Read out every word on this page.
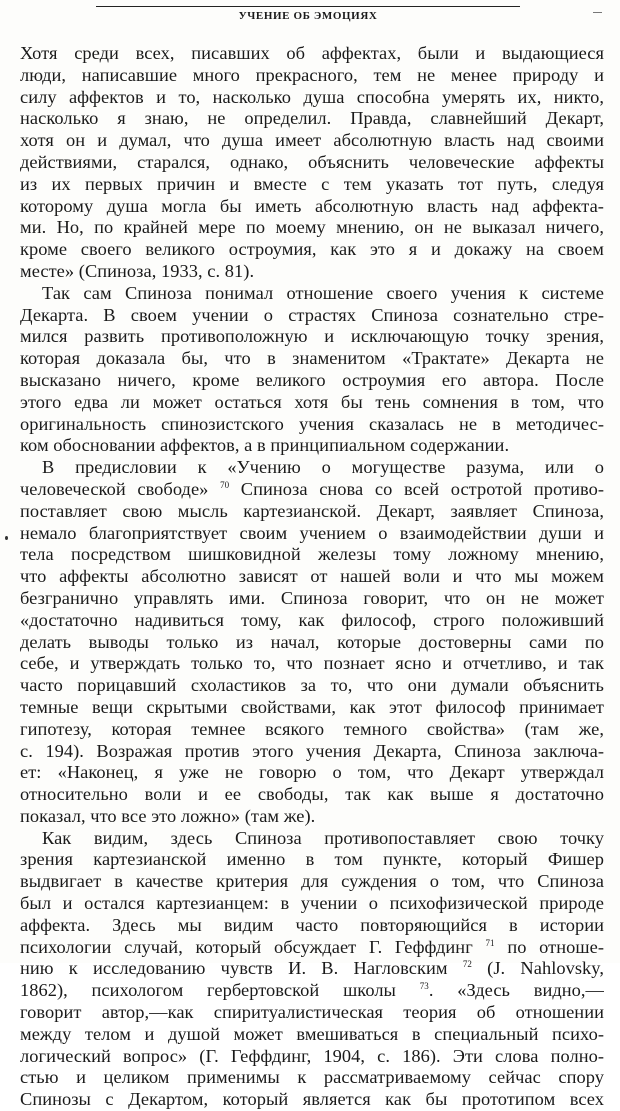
УЧЕНИЕ ОБ ЭМОЦИЯХ
Хотя среди всех, писавших об аффектах, были и выдающиеся
люди, написавшие много прекрасного, тем не менее природу и
силу аффектов и то, насколько душа способна умерять их, никто,
насколько я знаю, не определил. Правда, славнейший Декарт,
хотя он и думал, что душа имеет абсолютную власть над своими
действиями, старался, однако, объяснить человеческие аффекты
из их первых причин и вместе с тем указать тот путь, следуя
которому душа могла бы иметь абсолютную власть над аффекта-
ми. Но, по крайней мере по моему мнению, он не выказал ничего,
кроме своего великого остроумия, как это я и докажу на своем
месте» (Спиноза, 1933, с. 81).
Так сам Спиноза понимал отношение своего учения к системе
Декарта. В своем учении о страстях Спиноза сознательно стре-
мился развить противоположную и исключающую точку зрения,
которая доказала бы, что в знаменитом «Трактате» Декарта не
высказано ничего, кроме великого остроумия его автора. После
этого едва ли может остаться хотя бы тень сомнения в том, что
оригинальность спинозистского учения сказалась не в методичес-
ком обосновании аффектов, а в принципиальном содержании.
В предисловии к «Учению о могуществе разума, или о
человеческой свободе» $^{70}$ Спиноза снова со всей остротой противо-
поставляет свою мысль картезианской. Декарт, заявляет Спиноза,
немало благоприятствует своим учением о взаимодействии души и
тела посредством шишковидной железы тому ложному мнению,
что аффекты абсолютно зависят от нашей воли и что мы можем
безгранично управлять ими. Спиноза говорит, что он не может
«достаточно надивиться тому, как философ, строго положивший
делать выводы только из начал, которые достоверны сами по
себе, и утверждать только то, что познает ясно и отчетливо, и так
часто порицавший схоластиков за то, что они думали объяснить
темные вещи скрытыми свойствами, как этот философ принимает
гипотезу, которая темнее всякого темного свойства» (там же,
с. 194). Возражая против этого учения Декарта, Спиноза заключа-
ет: «Наконец, я уже не говорю о том, что Декарт утверждал
относительно воли и ее свободы, так как выше я достаточно
показал, что все это ложно» (там же).
Как видим, здесь Спиноза противопоставляет свою точку
зрения картезианской именно в том пункте, который Фишер
выдвигает в качестве критерия для суждения о том, что Спиноза
был и остался картезианцем: в учении о психофизической природе
аффекта. Здесь мы видим часто повторяющийся в истории
психологии случай, который обсуждает Г. Геффдинг $^{71}$ по отноше-
нию к исследованию чувств И. В. Нагловским $^{72}$ (J. Nahlovsky,
1862), психологом гербертовской школы $^{73}$. «Здесь видно,—
говорит автор,—как спиритуалистическая теория об отношении
между телом и душой может вмешиваться в специальный психо-
логический вопрос» (Г. Геффдинг, 1904, с. 186). Эти слова полно-
стью и целиком применимы к рассматриваемому сейчас спору
Спинозы с Декартом, который является как бы прототипом всех
